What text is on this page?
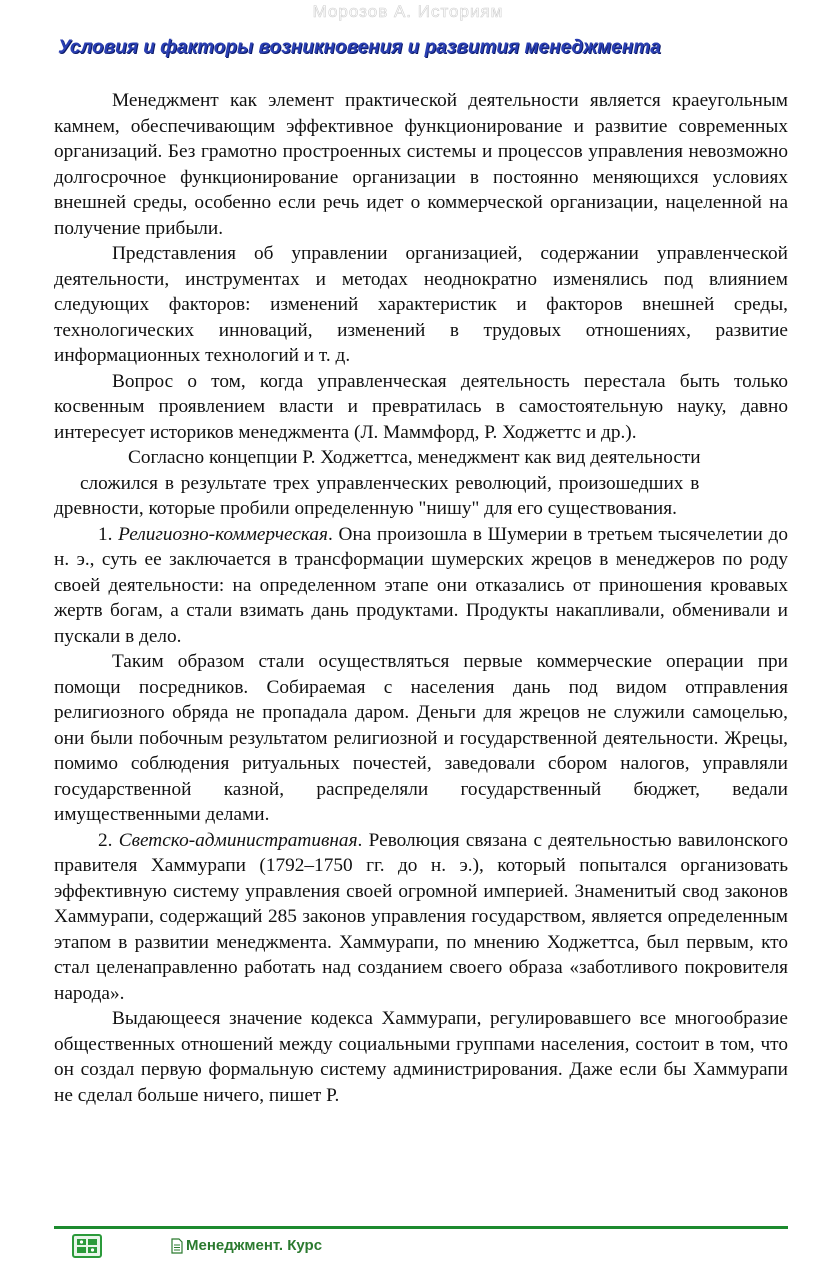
Морозов А. Историям
Условия и факторы возникновения и развития менеджмента

Менеджмент как элемент практической деятельности является краеугольным камнем, обеспечивающим эффективное функционирование и развитие современных организаций. Без грамотно простроенных системы и процессов управления невозможно долгосрочное функционирование организации в постоянно меняющихся условиях внешней среды, особенно если речь идет о коммерческой организации, нацеленной на получение прибыли.

Представления об управлении организацией, содержании управленческой деятельности, инструментах и методах неоднократно изменялись под влиянием следующих факторов: изменений характеристик и факторов внешней среды, технологических инноваций, изменений в трудовых отношениях, развитие информационных технологий и т. д.

Вопрос о том, когда управленческая деятельность перестала быть только косвенным проявлением власти и превратилась в самостоятельную науку, давно интересует историков менеджмента (Л. Маммфорд, Р. Ходжеттс и др.).

Согласно концепции Р. Ходжеттса, менеджмент как вид деятельности
сложился в результате трех управленческих революций, произошедших в
древности, которые пробили определенную "нишу" для его существования.

1. Религиозно-коммерческая. Она произошла в Шумерии в третьем тысячелетии до н. э., суть ее заключается в трансформации шумерских жрецов в менеджеров по роду своей деятельности: на определенном этапе они отказались от приношения кровавых жертв богам, а стали взимать дань продуктами. Продукты накапливали, обменивали и пускали в дело.

Таким образом стали осуществляться первые коммерческие операции при помощи посредников. Собираемая с населения дань под видом отправления религиозного обряда не пропадала даром. Деньги для жрецов не служили самоцелью, они были побочным результатом религиозной и государственной деятельности. Жрецы, помимо соблюдения ритуальных почестей, заведовали сбором налогов, управляли государственной казной, распределяли государственный бюджет, ведали имущественными делами.

2. Светско-административная. Революция связана с деятельностью вавилонского правителя Хаммурапи (1792–1750 гг. до н. э.), который попытался организовать эффективную систему управления своей огромной империей. Знаменитый свод законов Хаммурапи, содержащий 285 законов управления государством, является определенным этапом в развитии менеджмента. Хаммурапи, по мнению Ходжеттса, был первым, кто стал целенаправленно работать над созданием своего образа «заботливого покровителя народа».

Выдающееся значение кодекса Хаммурапи, регулировавшего все многообразие общественных отношений между социальными группами населения, состоит в том, что он создал первую формальную систему администрирования. Даже если бы Хаммурапи не сделал больше ничего, пишет Р.

Менеджмент. Курс
